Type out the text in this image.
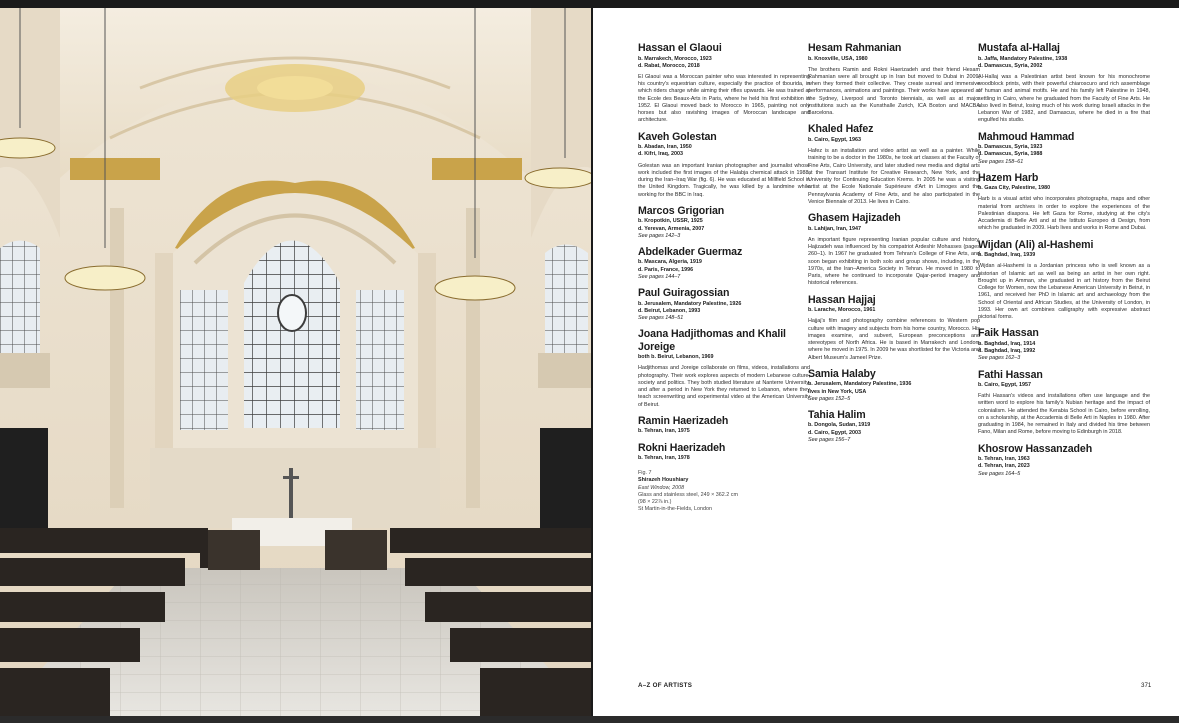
Hassan el Glaoui
b. Marrakech, Morocco, 1923
d. Rabat, Morocco, 2018
El Glaoui was a Moroccan painter who was interested in representing his country's equestrian culture, especially the practice of tbourida, in which riders charge while aiming their rifles upwards. He was trained at the Ecole des Beaux-Arts in Paris, where he held his first exhibition in 1952. El Glaoui moved back to Morocco in 1965, painting not only horses but also ravishing images of Moroccan landscape and architecture.
Kaveh Golestan
b. Abadan, Iran, 1950
d. Kifri, Iraq, 2003
Golestan was an important Iranian photographer and journalist whose work included the first images of the Halabja chemical attack in 1988, during the Iran–Iraq War (fig. 6). He was educated at Millfield School in the United Kingdom. Tragically, he was killed by a landmine while working for the BBC in Iraq.
Marcos Grigorian
b. Kropotkin, USSR, 1925
d. Yerevan, Armenia, 2007
See pages 142–3
Abdelkader Guermaz
b. Mascara, Algeria, 1919
d. Paris, France, 1996
See pages 144–7
Paul Guiragossian
b. Jerusalem, Mandatory Palestine, 1926
d. Beirut, Lebanon, 1993
See pages 148–51
Joana Hadjithomas and Khalil Joreige
both b. Beirut, Lebanon, 1969
Hadjithomas and Joreige collaborate on films, videos, installations and photography. Their work explores aspects of modern Lebanese culture, society and politics. They both studied literature at Nanterre University, and after a period in New York they returned to Lebanon, where they teach screenwriting and experimental video at the American University of Beirut.
Ramin Haerizadeh
b. Tehran, Iran, 1975
Rokni Haerizadeh
b. Tehran, Iran, 1978
Fig. 7
Shirazeh Houshiary
East Window, 2008
Glass and stainless steel, 249 × 362.2 cm
(98 × 22⅞ in.)
St Martin-in-the-Fields, London
Hesam Rahmanian
b. Knoxville, USA, 1980
The brothers Ramin and Rokni Haerizadeh and their friend Hesam Rahmanian were all brought up in Iran but moved to Dubai in 2009, when they formed their collective. They create surreal and immersive performances, animations and paintings. Their works have appeared at the Sydney, Liverpool and Toronto biennials, as well as at major institutions such as the Kunsthalle Zurich, ICA Boston and MACBA Barcelona.
Khaled Hafez
b. Cairo, Egypt, 1963
Hafez is an installation and video artist as well as a painter. While training to be a doctor in the 1980s, he took art classes at the Faculty of Fine Arts, Cairo University, and later studied new media and digital arts at the Transart Institute for Creative Research, New York, and the University for Continuing Education Krems. In 2005 he was a visiting artist at the Ecole Nationale Supérieure d'Art in Limoges and the Pennsylvania Academy of Fine Arts, and he also participated in the Venice Biennale of 2013. He lives in Cairo.
Ghasem Hajizadeh
b. Lahijan, Iran, 1947
An important figure representing Iranian popular culture and history, Hajizadeh was influenced by his compatriot Ardeshir Mohasses (pages 260–1). In 1967 he graduated from Tehran's College of Fine Arts, and soon began exhibiting in both solo and group shows, including, in the 1970s, at the Iran–America Society in Tehran. He moved in 1980 to Paris, where he continued to incorporate Qajar-period imagery and historical references.
Hassan Hajjaj
b. Larache, Morocco, 1961
Hajjaj's film and photography combine references to Western pop culture with imagery and subjects from his home country, Morocco. His images examine, and subvert, European preconceptions and stereotypes of North Africa. He is based in Marrakech and London, where he moved in 1975. In 2009 he was shortlisted for the Victoria and Albert Museum's Jameel Prize.
Samia Halaby
b. Jerusalem, Mandatory Palestine, 1936
lives in New York, USA
See pages 152–5
Tahia Halim
b. Dongola, Sudan, 1919
d. Cairo, Egypt, 2003
See pages 156–7
Mustafa al-Hallaj
b. Jaffa, Mandatory Palestine, 1938
d. Damascus, Syria, 2002
Al-Hallaj was a Palestinian artist best known for his monochrome woodblock prints, with their powerful chiaroscuro and rich assemblage of human and animal motifs. He and his family left Palestine in 1948, settling in Cairo, where he graduated from the Faculty of Fine Arts. He also lived in Beirut, losing much of his work during Israeli attacks in the Lebanon War of 1982, and Damascus, where he died in a fire that engulfed his studio.
Mahmoud Hammad
b. Damascus, Syria, 1923
d. Damascus, Syria, 1988
See pages 158–61
Hazem Harb
b. Gaza City, Palestine, 1980
Harb is a visual artist who incorporates photographs, maps and other material from archives in order to explore the experiences of the Palestinian diaspora. He left Gaza for Rome, studying at the city's Accademia di Belle Arti and at the Istituto Europeo di Design, from which he graduated in 2009. Harb lives and works in Rome and Dubai.
Wijdan (Ali) al-Hashemi
b. Baghdad, Iraq, 1939
Wijdan al-Hashemi is a Jordanian princess who is well known as a historian of Islamic art as well as being an artist in her own right. Brought up in Amman, she graduated in art history from the Beirut College for Women, now the Lebanese American University in Beirut, in 1961, and received her PhD in Islamic art and archaeology from the School of Oriental and African Studies, at the University of London, in 1993. Her own art combines calligraphy with expressive abstract pictorial forms.
Faik Hassan
b. Baghdad, Iraq, 1914
d. Baghdad, Iraq, 1992
See pages 162–3
Fathi Hassan
b. Cairo, Egypt, 1957
Fathi Hassan's videos and installations often use language and the written word to explore his family's Nubian heritage and the impact of colonialism. He attended the Kerabia School in Cairo, before enrolling, on a scholarship, at the Accademia di Belle Arti in Naples in 1980. After graduating in 1984, he remained in Italy and divided his time between Fano, Milan and Rome, before moving to Edinburgh in 2018.
Khosrow Hassanzadeh
b. Tehran, Iran, 1963
d. Tehran, Iran, 2023
See pages 164–5
A–Z OF ARTISTS	371
